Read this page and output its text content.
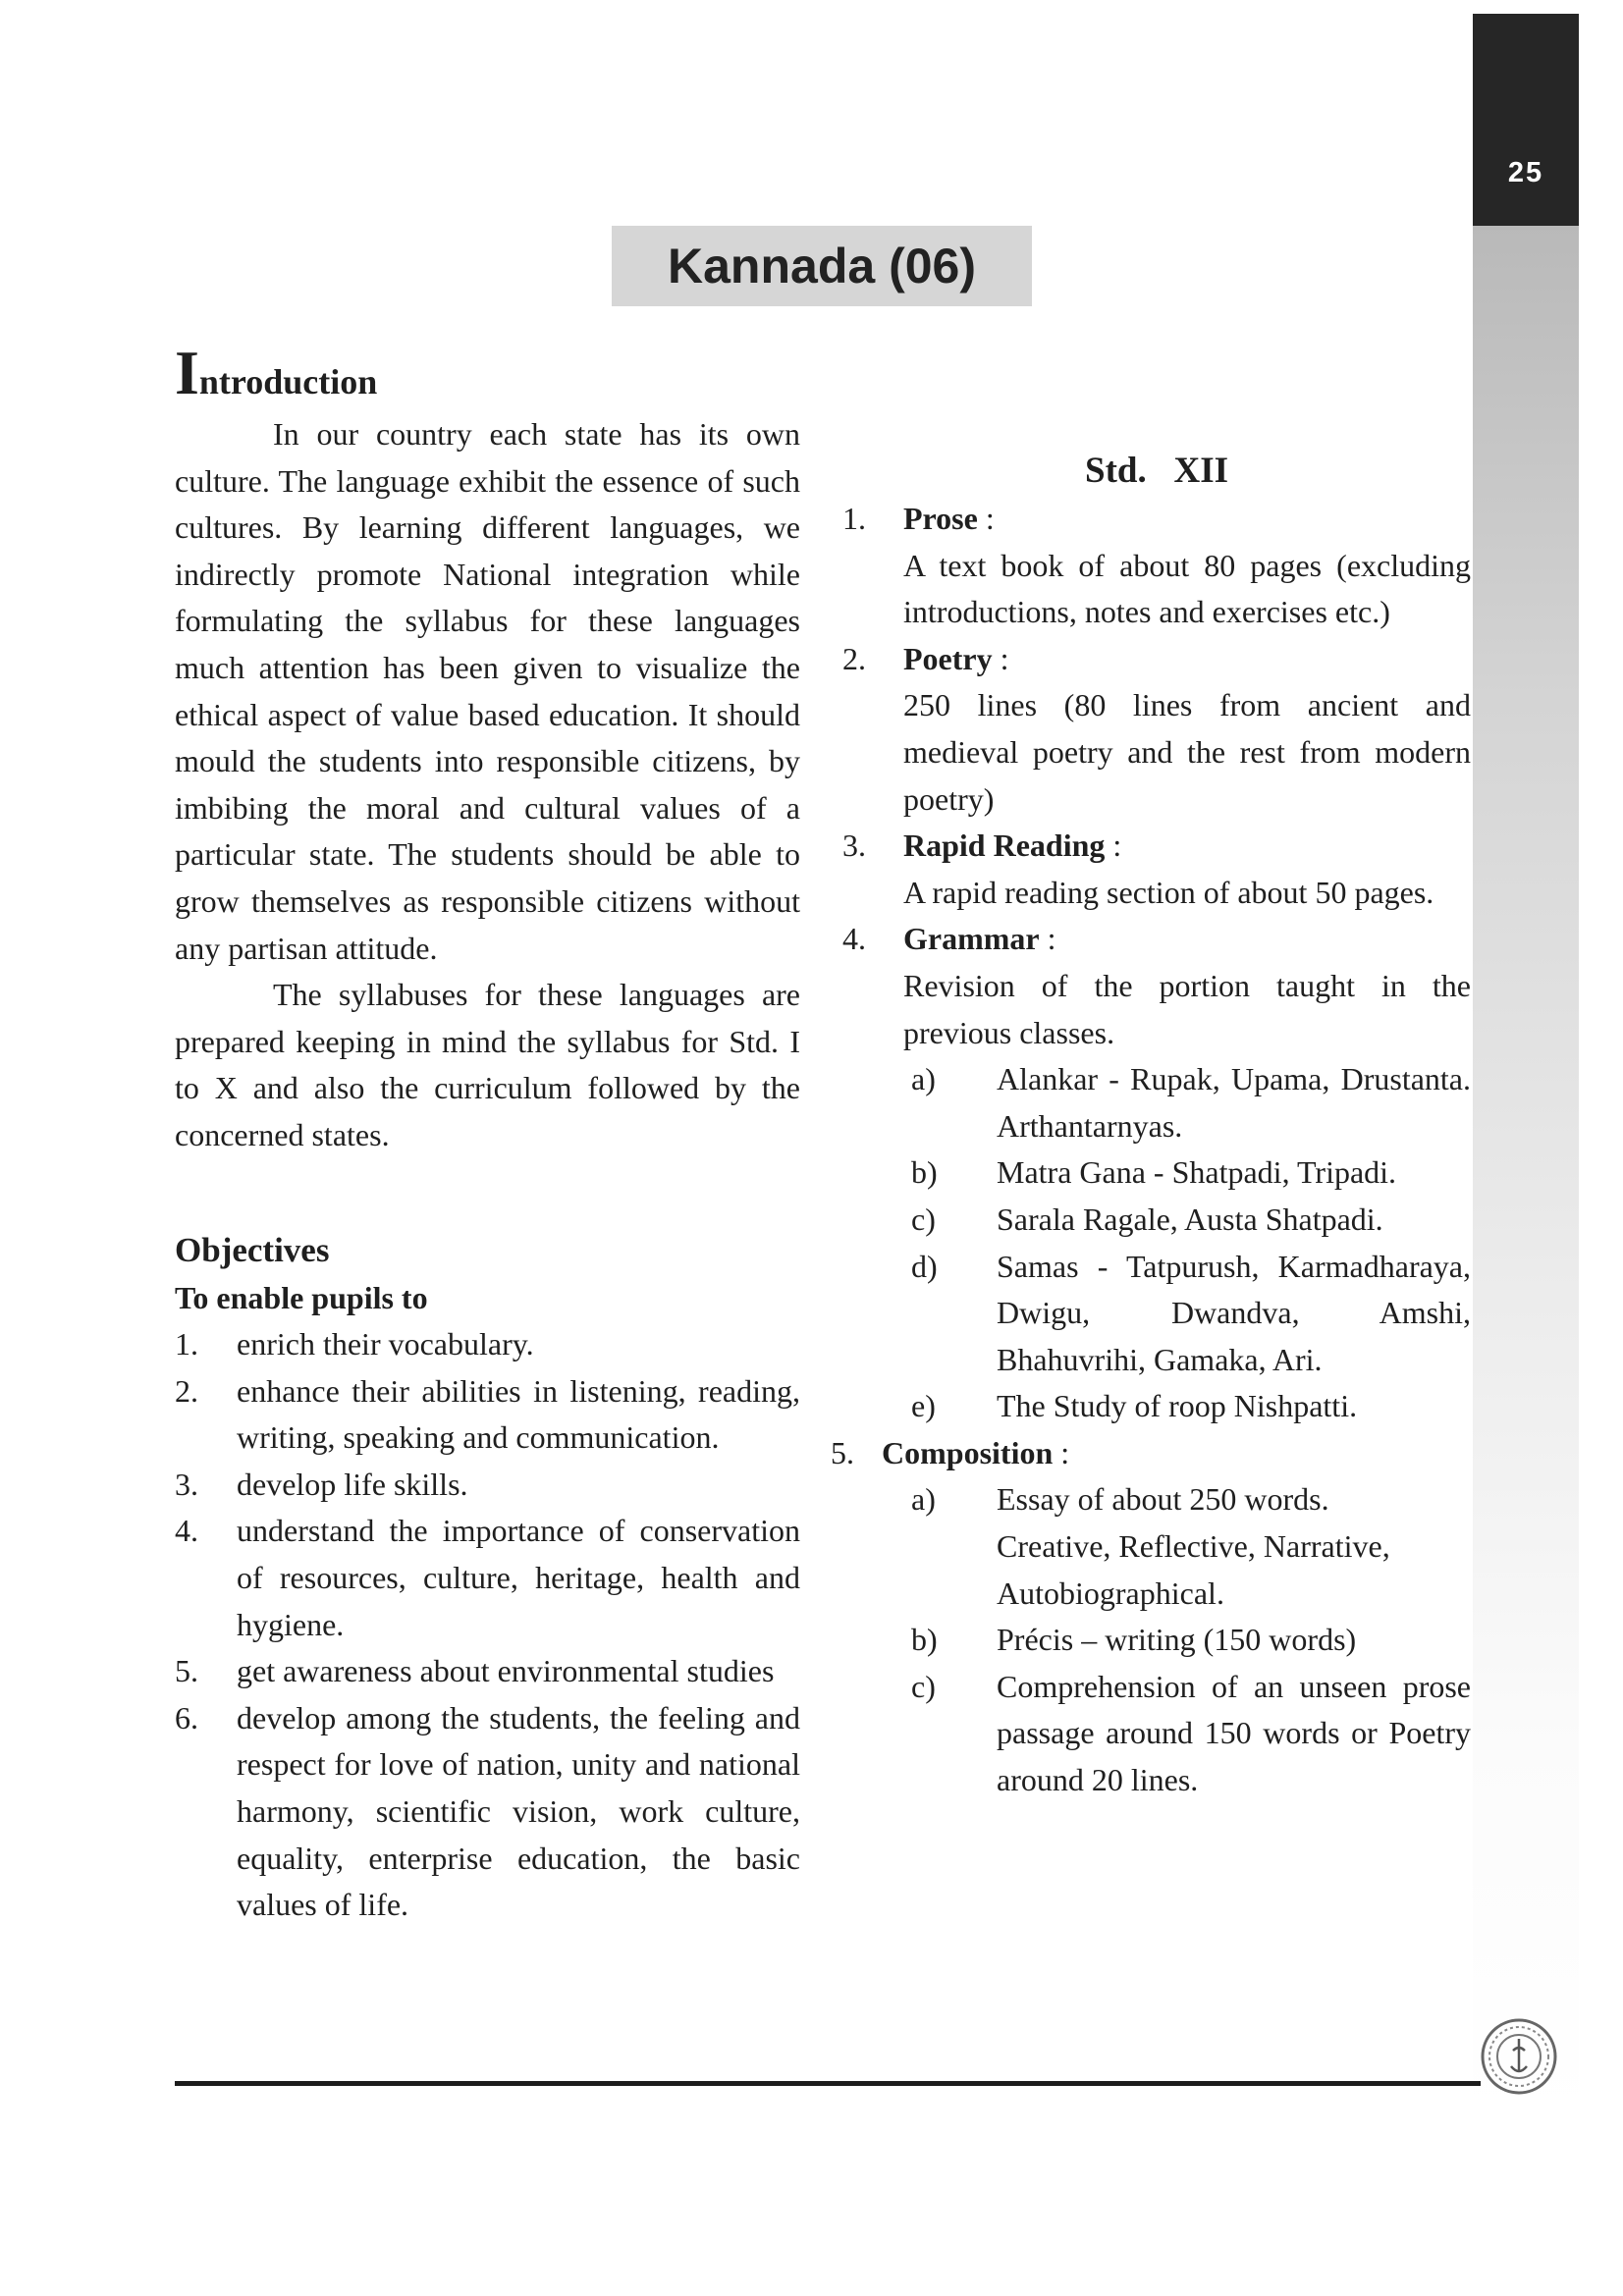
25
Kannada (06)

Introduction

In our country each state has its own culture. The language exhibit the essence of such cultures. By learning different languages, we indirectly promote National integration while formulating the syllabus for these languages much attention has been given to visualize the ethical aspect of value based education. It should mould the students into responsible citizens, by imbibing the moral and cultural values of a particular state. The students should be able to grow themselves as responsible citizens without any partisan attitude.

The syllabuses for these languages are prepared keeping in mind the syllabus for Std. I to X and also the curriculum followed by the concerned states.

Objectives

To enable pupils to

1.	enrich their vocabulary.
2.	enhance their abilities in listening, reading, writing, speaking and communication.
3.	develop life skills.
4.	understand the importance of conservation of resources, culture, heritage, health and hygiene.
5.	get awareness about environmental studies
6.	develop among the students, the feeling and respect for love of nation, unity and national harmony, scientific vision, work culture, equality, enterprise education, the basic values of life.

Std.   XII

1.	Prose :
A text book of about 80 pages (excluding introductions, notes and exercises etc.)
2.	Poetry :
250 lines (80 lines from ancient and medieval poetry and the rest from modern poetry)
3.	Rapid Reading :
A rapid reading section of about 50 pages.
4.	Grammar :
Revision of the portion taught in the previous classes.
a)	Alankar - Rupak, Upama, Drustanta. Arthantarnyas.
b)	Matra Gana - Shatpadi, Tripadi.
c)	Sarala Ragale, Austa Shatpadi.
d)	Samas - Tatpurush, Karmadharaya, Dwigu, Dwandva, Amshi, Bhahuvrihi, Gamaka, Ari.
e)	The Study of roop Nishpatti.
5. Composition :
a)	Essay of about 250 words.
Creative, Reflective, Narrative, Autobiographical.
b)	Précis – writing (150 words)
c)	Comprehension of an unseen prose passage around 150 words or Poetry around 20 lines.
